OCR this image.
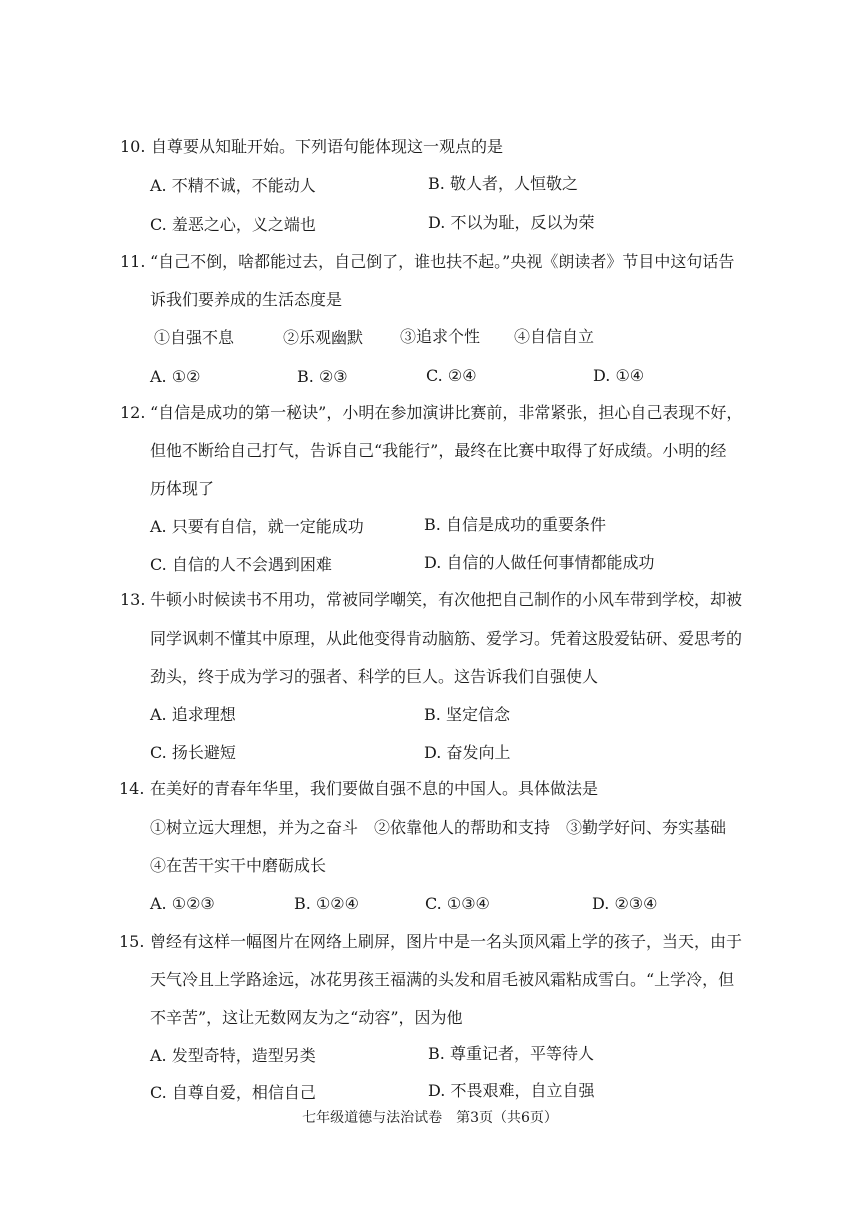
10. 自尊要从知耻开始。下列语句能体现这一观点的是
A. 不精不诚，不能动人	B. 敬人者，人恒敬之
C. 羞恶之心，义之端也	D. 不以为耻，反以为荣
11. “自己不倒，啥都能过去，自己倒了，谁也扶不起。”央视《朗读者》节目中这句话告
诉我们要养成的生活态度是
①自强不息	②乐观幽默 ③追求个性 ④自信自立
A. ①②	B. ②③	C. ②④	D. ①④
12. “自信是成功的第一秘诀”，小明在参加演讲比赛前，非常紧张，担心自己表现不好，
但他不断给自己打气，告诉自己“我能行”，最终在比赛中取得了好成绩。小明的经
历体现了
A. 只要有自信，就一定能成功	B. 自信是成功的重要条件
C. 自信的人不会遇到困难	D. 自信的人做任何事情都能成功
13. 牛顿小时候读书不用功，常被同学嘲笑，有次他把自己制作的小风车带到学校，却被
同学讽刺不懂其中原理，从此他变得肯动脑筋、爱学习。凭着这股爱钻研、爱思考的
劲头，终于成为学习的强者、科学的巨人。这告诉我们自强使人
A. 追求理想	B. 坚定信念
C. 扬长避短	D. 奋发向上
14. 在美好的青春年华里，我们要做自强不息的中国人。具体做法是
①树立远大理想，并为之奋斗 ②依靠他人的帮助和支持 ③勤学好问、夯实基础
④在苦干实干中磨砺成长
A. ①②③	B. ①②④	C. ①③④	D. ②③④
15. 曾经有这样一幅图片在网络上刷屏，图片中是一名头顶风霜上学的孩子，当天，由于
天气冷且上学路途远，冰花男孩王福满的头发和眉毛被风霜粘成雪白。“上学冷，但
不辛苦”，这让无数网友为之“动容”，因为他
A. 发型奇特，造型另类	B. 尊重记者，平等待人
C. 自尊自爱，相信自己	D. 不畏艰难，自立自强
七年级道德与法治试卷　第3页（共6页）
